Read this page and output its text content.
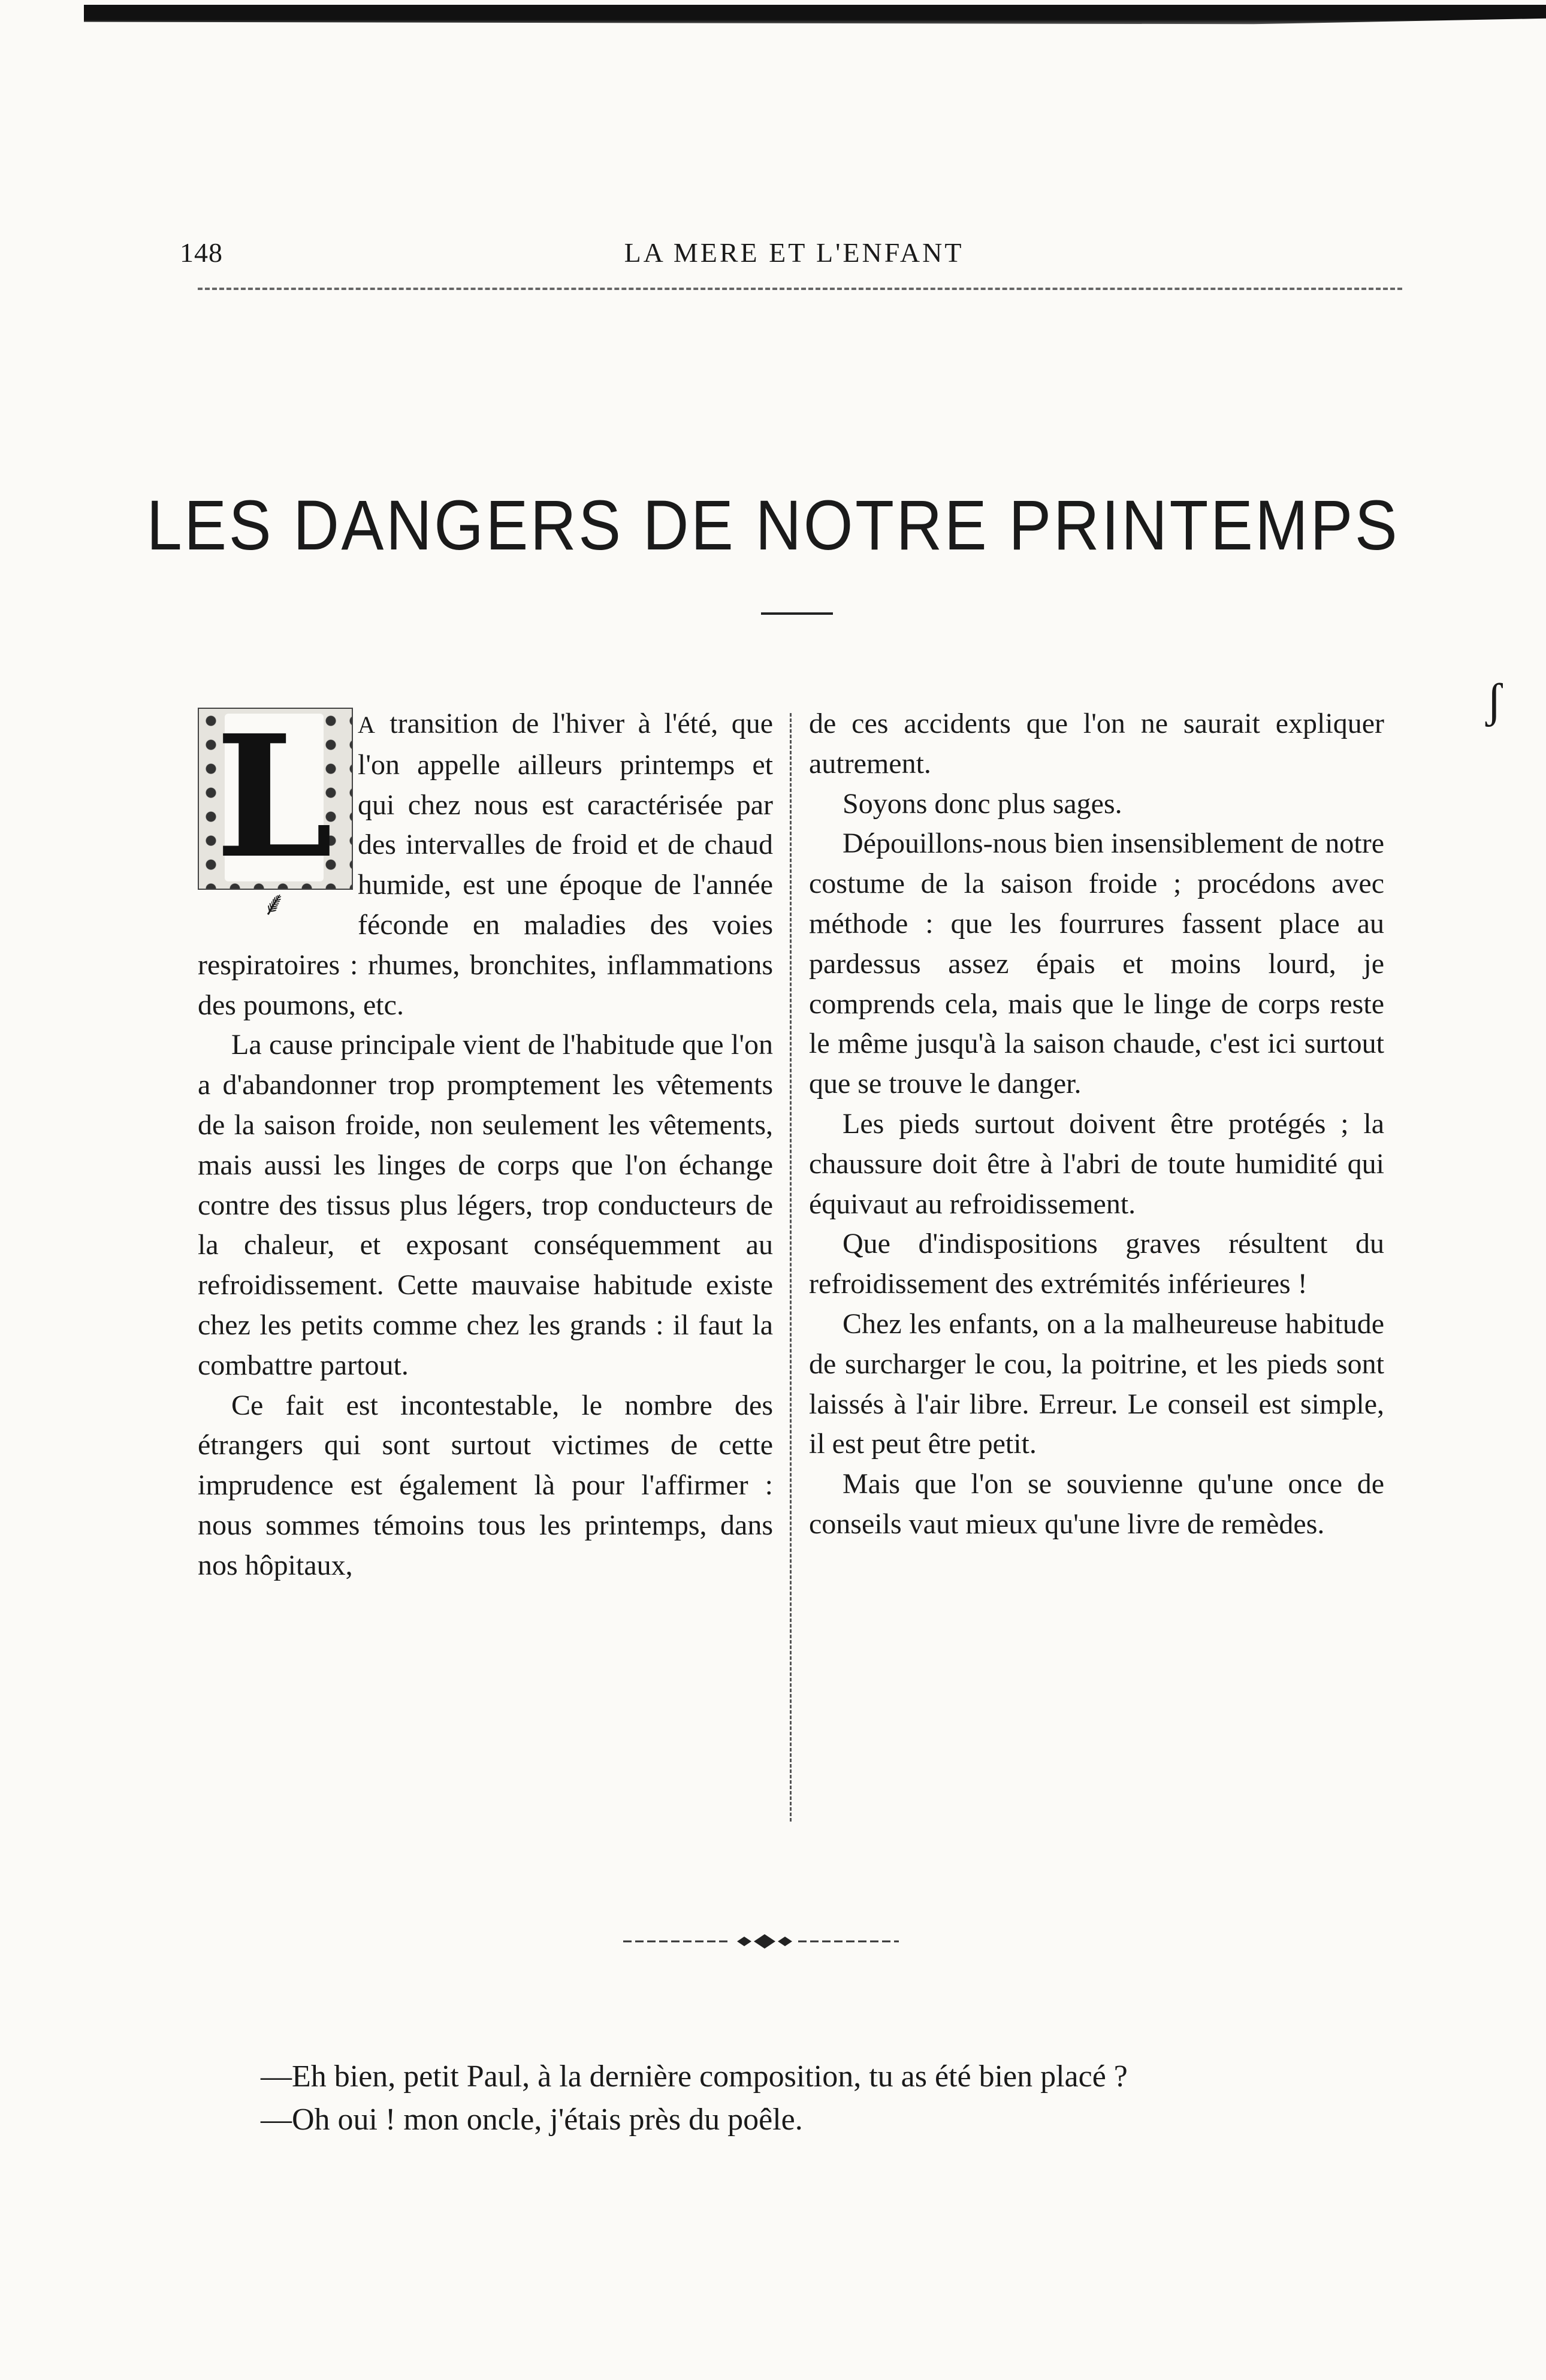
148	LA MERE ET L'ENFANT
LES DANGERS DE NOTRE PRINTEMPS

L
⸙
A transition de l'hiver à l'été, que l'on appelle ailleurs printemps et qui chez nous est caractérisée par des intervalles de froid et de chaud humide, est une époque de l'année féconde en maladies des voies respiratoires : rhumes, bronchites, inflammations des poumons, etc.

La cause principale vient de l'habitude que l'on a d'abandonner trop promptement les vêtements de la saison froide, non seulement les vêtements, mais aussi les linges de corps que l'on échange contre des tissus plus légers, trop conducteurs de la chaleur, et exposant conséquemment au refroidissement. Cette mauvaise habitude existe chez les petits comme chez les grands : il faut la combattre partout.

Ce fait est incontestable, le nombre des étrangers qui sont surtout victimes de cette imprudence est également là pour l'affirmer : nous sommes témoins tous les printemps, dans nos hôpitaux,

de ces accidents que l'on ne saurait expliquer autrement.

Soyons donc plus sages.

Dépouillons-nous bien insensiblement de notre costume de la saison froide ; procédons avec méthode : que les fourrures fassent place au pardessus assez épais et moins lourd, je comprends cela, mais que le linge de corps reste le même jusqu'à la saison chaude, c'est ici surtout que se trouve le danger.

Les pieds surtout doivent être protégés ; la chaussure doit être à l'abri de toute humidité qui équivaut au refroidissement.

Que d'indispositions graves résultent du refroidissement des extrémités inférieures !

Chez les enfants, on a la malheureuse habitude de surcharger le cou, la poitrine, et les pieds sont laissés à l'air libre. Erreur. Le conseil est simple, il est peut être petit.

Mais que l'on se souvienne qu'une once de conseils vaut mieux qu'une livre de remèdes.

ʃ

—Eh bien, petit Paul, à la dernière composition, tu as été bien placé ?

—Oh oui ! mon oncle, j'étais près du poêle.
